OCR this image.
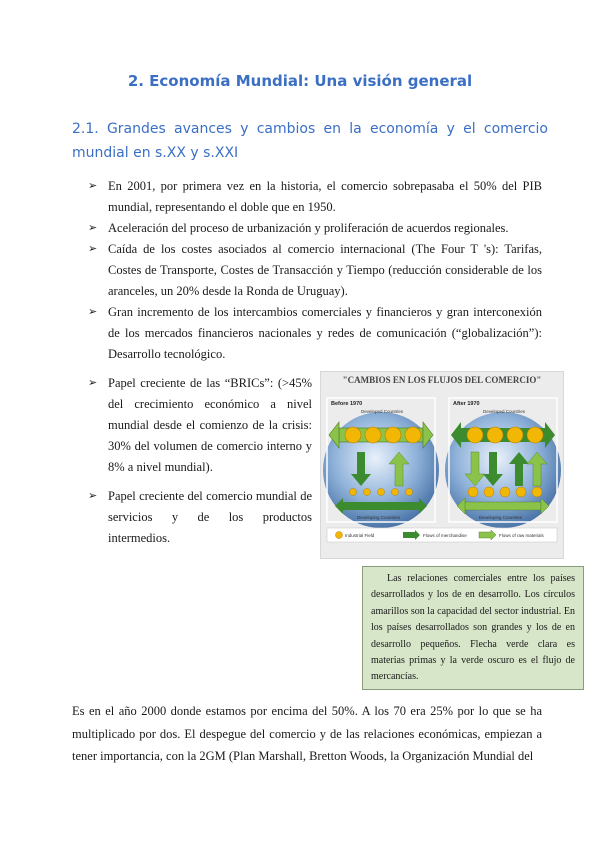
2. Economía Mundial: Una visión general
2.1. Grandes avances y cambios en la economía y el comercio mundial en s.XX y s.XXI
➢ En 2001, por primera vez en la historia, el comercio sobrepasaba el 50% del PIB mundial, representando el doble que en 1950.
➢ Aceleración del proceso de urbanización y proliferación de acuerdos regionales.
➢ Caída de los costes asociados al comercio internacional (The Four T 's): Tarifas, Costes de Transporte, Costes de Transacción y Tiempo (reducción considerable de los aranceles, un 20% desde la Ronda de Uruguay).
➢ Gran incremento de los intercambios comerciales y financieros y gran interconexión de los mercados financieros nacionales y redes de comunicación (“globalización”): Desarrollo tecnológico.
➢ Papel creciente de las “BRICs”: (>45% del crecimiento económico a nivel mundial desde el comienzo de la crisis: 30% del volumen de comercio interno y 8% a nivel mundial).
➢ Papel creciente del comercio mundial de servicios y de los productos intermedios.
Before 1970	After 1970
Developed Countries	Developed Countries
Developing Countries	Developing Countries
Industrial Field	Flows of merchandise	Flows of raw materials
"CAMBIOS EN LOS FLUJOS DEL COMERCIO"
Las relaciones comerciales entre los países desarrollados y los de en desarrollo. Los círculos amarillos son la capacidad del sector industrial. En los países desarrollados son grandes y los de en desarrollo pequeños. Flecha verde clara es materias primas y la verde oscuro es el flujo de mercancías.

Es en el año 2000 donde estamos por encima del 50%. A los 70 era 25% por lo que se ha multiplicado por dos. El despegue del comercio y de las relaciones económicas, empiezan a tener importancia, con la 2GM (Plan Marshall, Bretton Woods, la Organización Mundial del
